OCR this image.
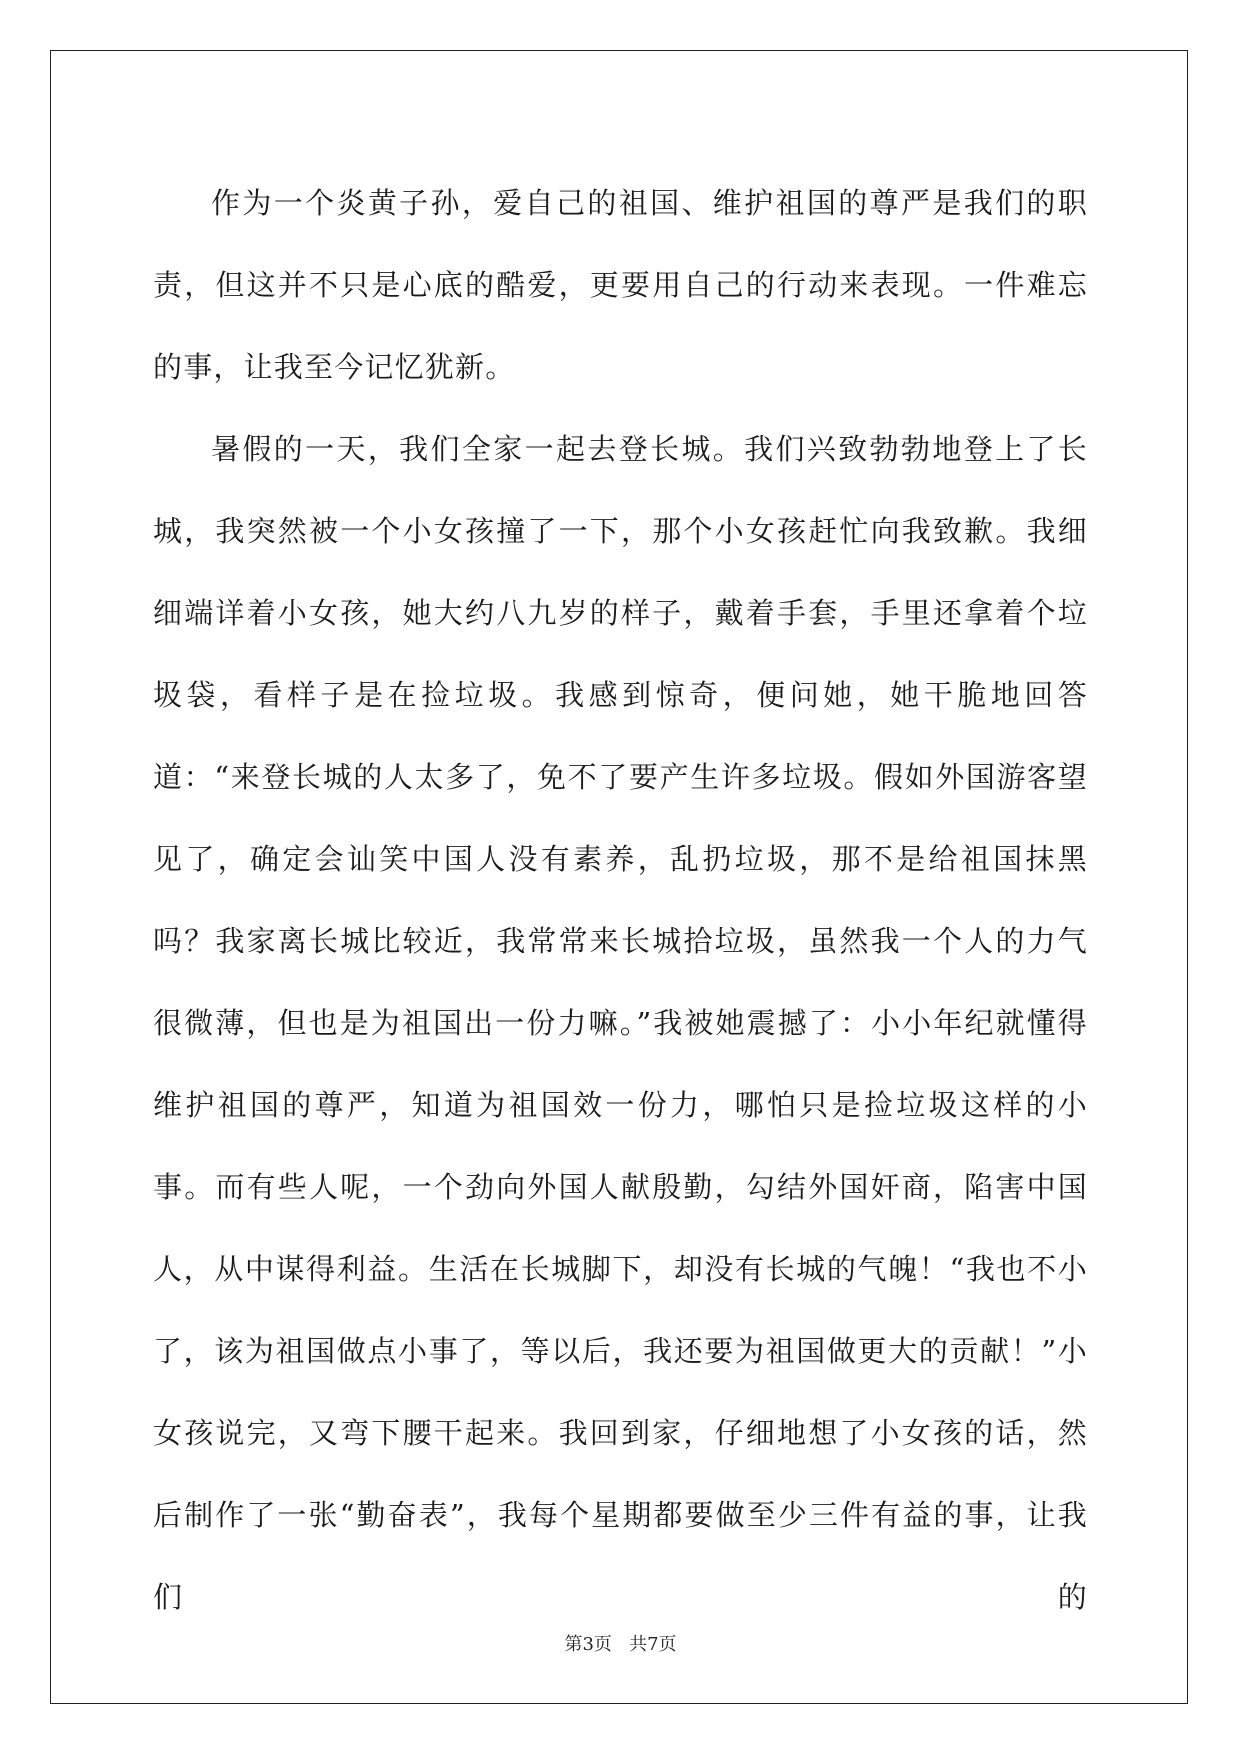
作为一个炎黄子孙，爱自己的祖国、维护祖国的尊严是我们的职责，但这并不只是心底的酷爱，更要用自己的行动来表现。一件难忘的事，让我至今记忆犹新。

暑假的一天，我们全家一起去登长城。我们兴致勃勃地登上了长城，我突然被一个小女孩撞了一下，那个小女孩赶忙向我致歉。我细细端详着小女孩，她大约八九岁的样子，戴着手套，手里还拿着个垃圾袋，看样子是在捡垃圾。我感到惊奇，便问她，她干脆地回答道：“来登长城的人太多了，免不了要产生许多垃圾。假如外国游客望见了，确定会讪笑中国人没有素养，乱扔垃圾，那不是给祖国抹黑吗？我家离长城比较近，我常常来长城拾垃圾，虽然我一个人的力气很微薄，但也是为祖国出一份力嘛。”我被她震撼了：小小年纪就懂得维护祖国的尊严，知道为祖国效一份力，哪怕只是捡垃圾这样的小事。而有些人呢，一个劲向外国人献殷勤，勾结外国奸商，陷害中国人，从中谋得利益。生活在长城脚下，却没有长城的气魄！“我也不小了，该为祖国做点小事了，等以后，我还要为祖国做更大的贡献！”小女孩说完，又弯下腰干起来。我回到家，仔细地想了小女孩的话，然后制作了一张“勤奋表”，我每个星期都要做至少三件有益的事，让我们的

第3页 共7页
